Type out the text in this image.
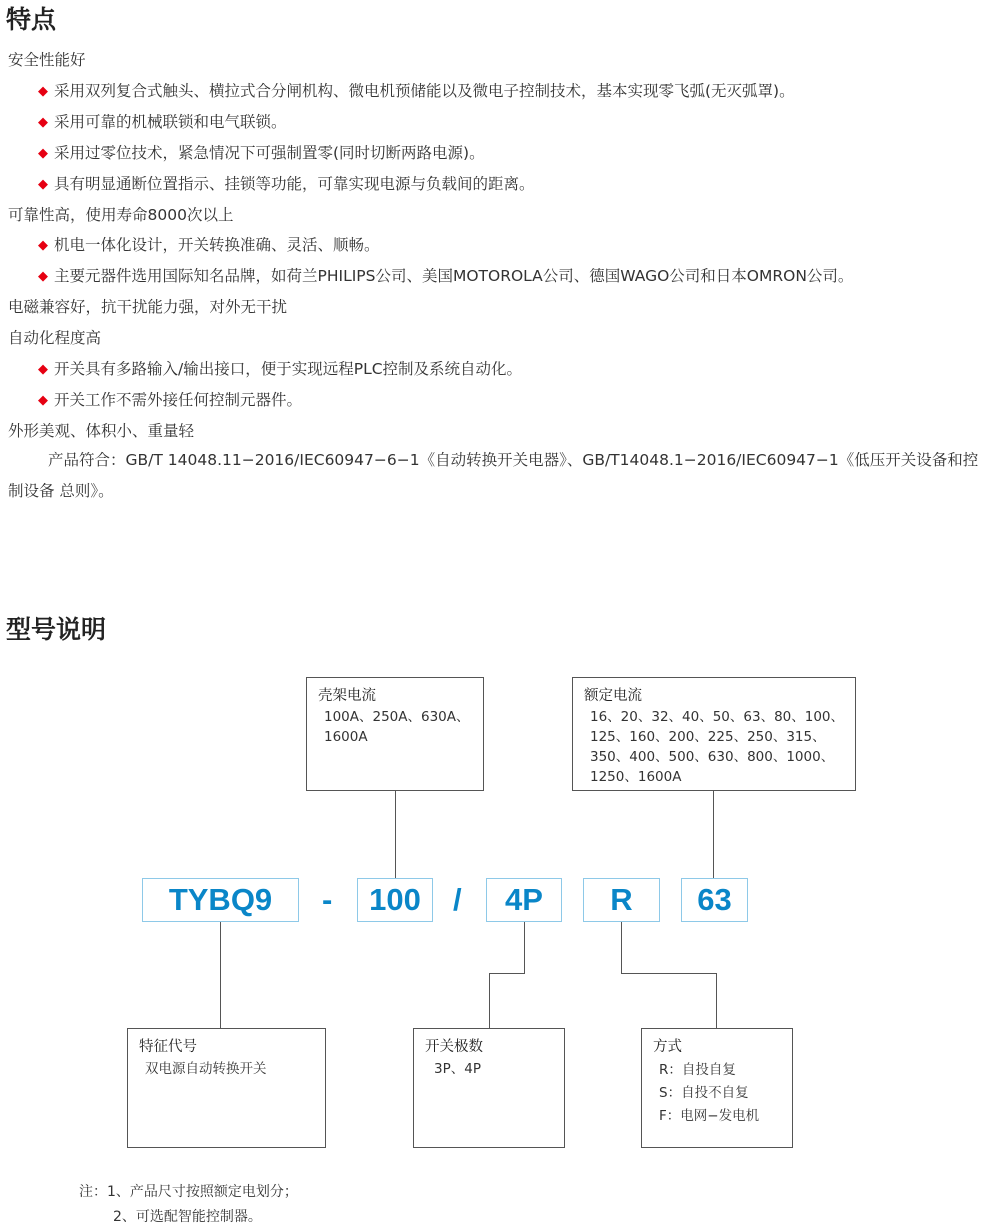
特点
安全性能好
◆ 采用双列复合式触头、横拉式合分闸机构、微电机预储能以及微电子控制技术，基本实现零飞弧(无灭弧罩)。
◆ 采用可靠的机械联锁和电气联锁。
◆ 采用过零位技术，紧急情况下可强制置零(同时切断两路电源)。
◆ 具有明显通断位置指示、挂锁等功能，可靠实现电源与负载间的距离。
可靠性高，使用寿命8000次以上
◆ 机电一体化设计，开关转换准确、灵活、顺畅。
◆ 主要元器件选用国际知名品牌，如荷兰PHILIPS公司、美国MOTOROLA公司、德国WAGO公司和日本OMRON公司。
电磁兼容好，抗干扰能力强，对外无干扰
自动化程度高
◆ 开关具有多路输入/输出接口，便于实现远程PLC控制及系统自动化。
◆ 开关工作不需外接任何控制元器件。
外形美观、体积小、重量轻
产品符合：GB/T 14048.11−2016/IEC60947−6−1《自动转换开关电器》、GB/T14048.1−2016/IEC60947−1《低压开关设备和控制设备 总则》。
型号说明
壳架电流
100A、250A、630A、
1600A
额定电流
16、20、32、40、50、63、80、100、
125、160、200、225、250、315、
350、400、500、630、800、1000、
1250、1600A
TYBQ9	-	100	/	4P	R	63
特征代号
双电源自动转换开关
开关极数
3P、4P
方式
R：自投自复
S：自投不自复
F：电网−发电机
注：1、产品尺寸按照额定电划分；
2、可选配智能控制器。
